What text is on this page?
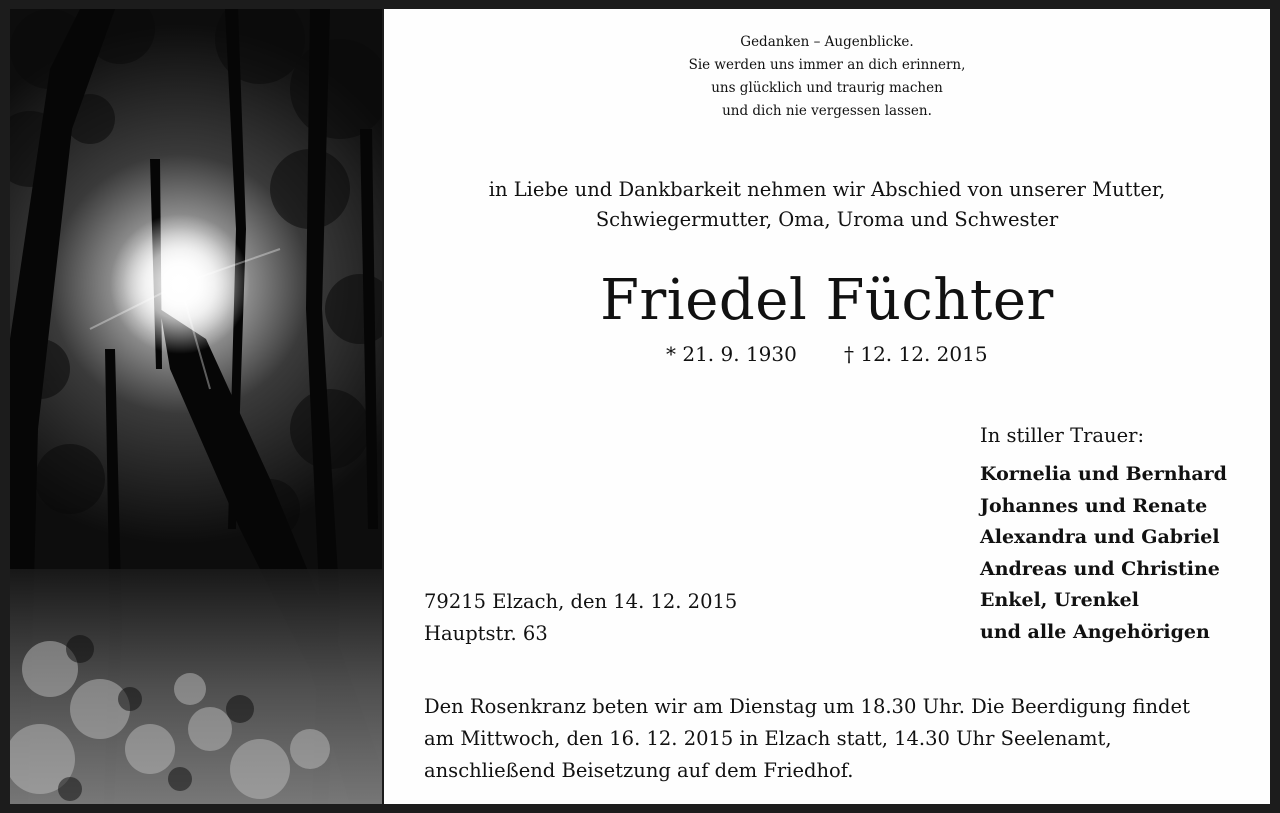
Gedanken – Augenblicke.
Sie werden uns immer an dich erinnern,
uns glücklich und traurig machen
und dich nie vergessen lassen.
in Liebe und Dankbarkeit nehmen wir Abschied von unserer Mutter,
Schwiegermutter, Oma, Uroma und Schwester
Friedel Füchter
* 21. 9. 1930 † 12. 12. 2015
In stiller Trauer:
Kornelia und Bernhard
Johannes und Renate
Alexandra und Gabriel
Andreas und Christine
Enkel, Urenkel
und alle Angehörigen
79215 Elzach, den 14. 12. 2015
Hauptstr. 63
Den Rosenkranz beten wir am Dienstag um 18.30 Uhr. Die Beerdigung findet
am Mittwoch, den 16. 12. 2015 in Elzach statt, 14.30 Uhr Seelenamt,
anschließend Beisetzung auf dem Friedhof.
